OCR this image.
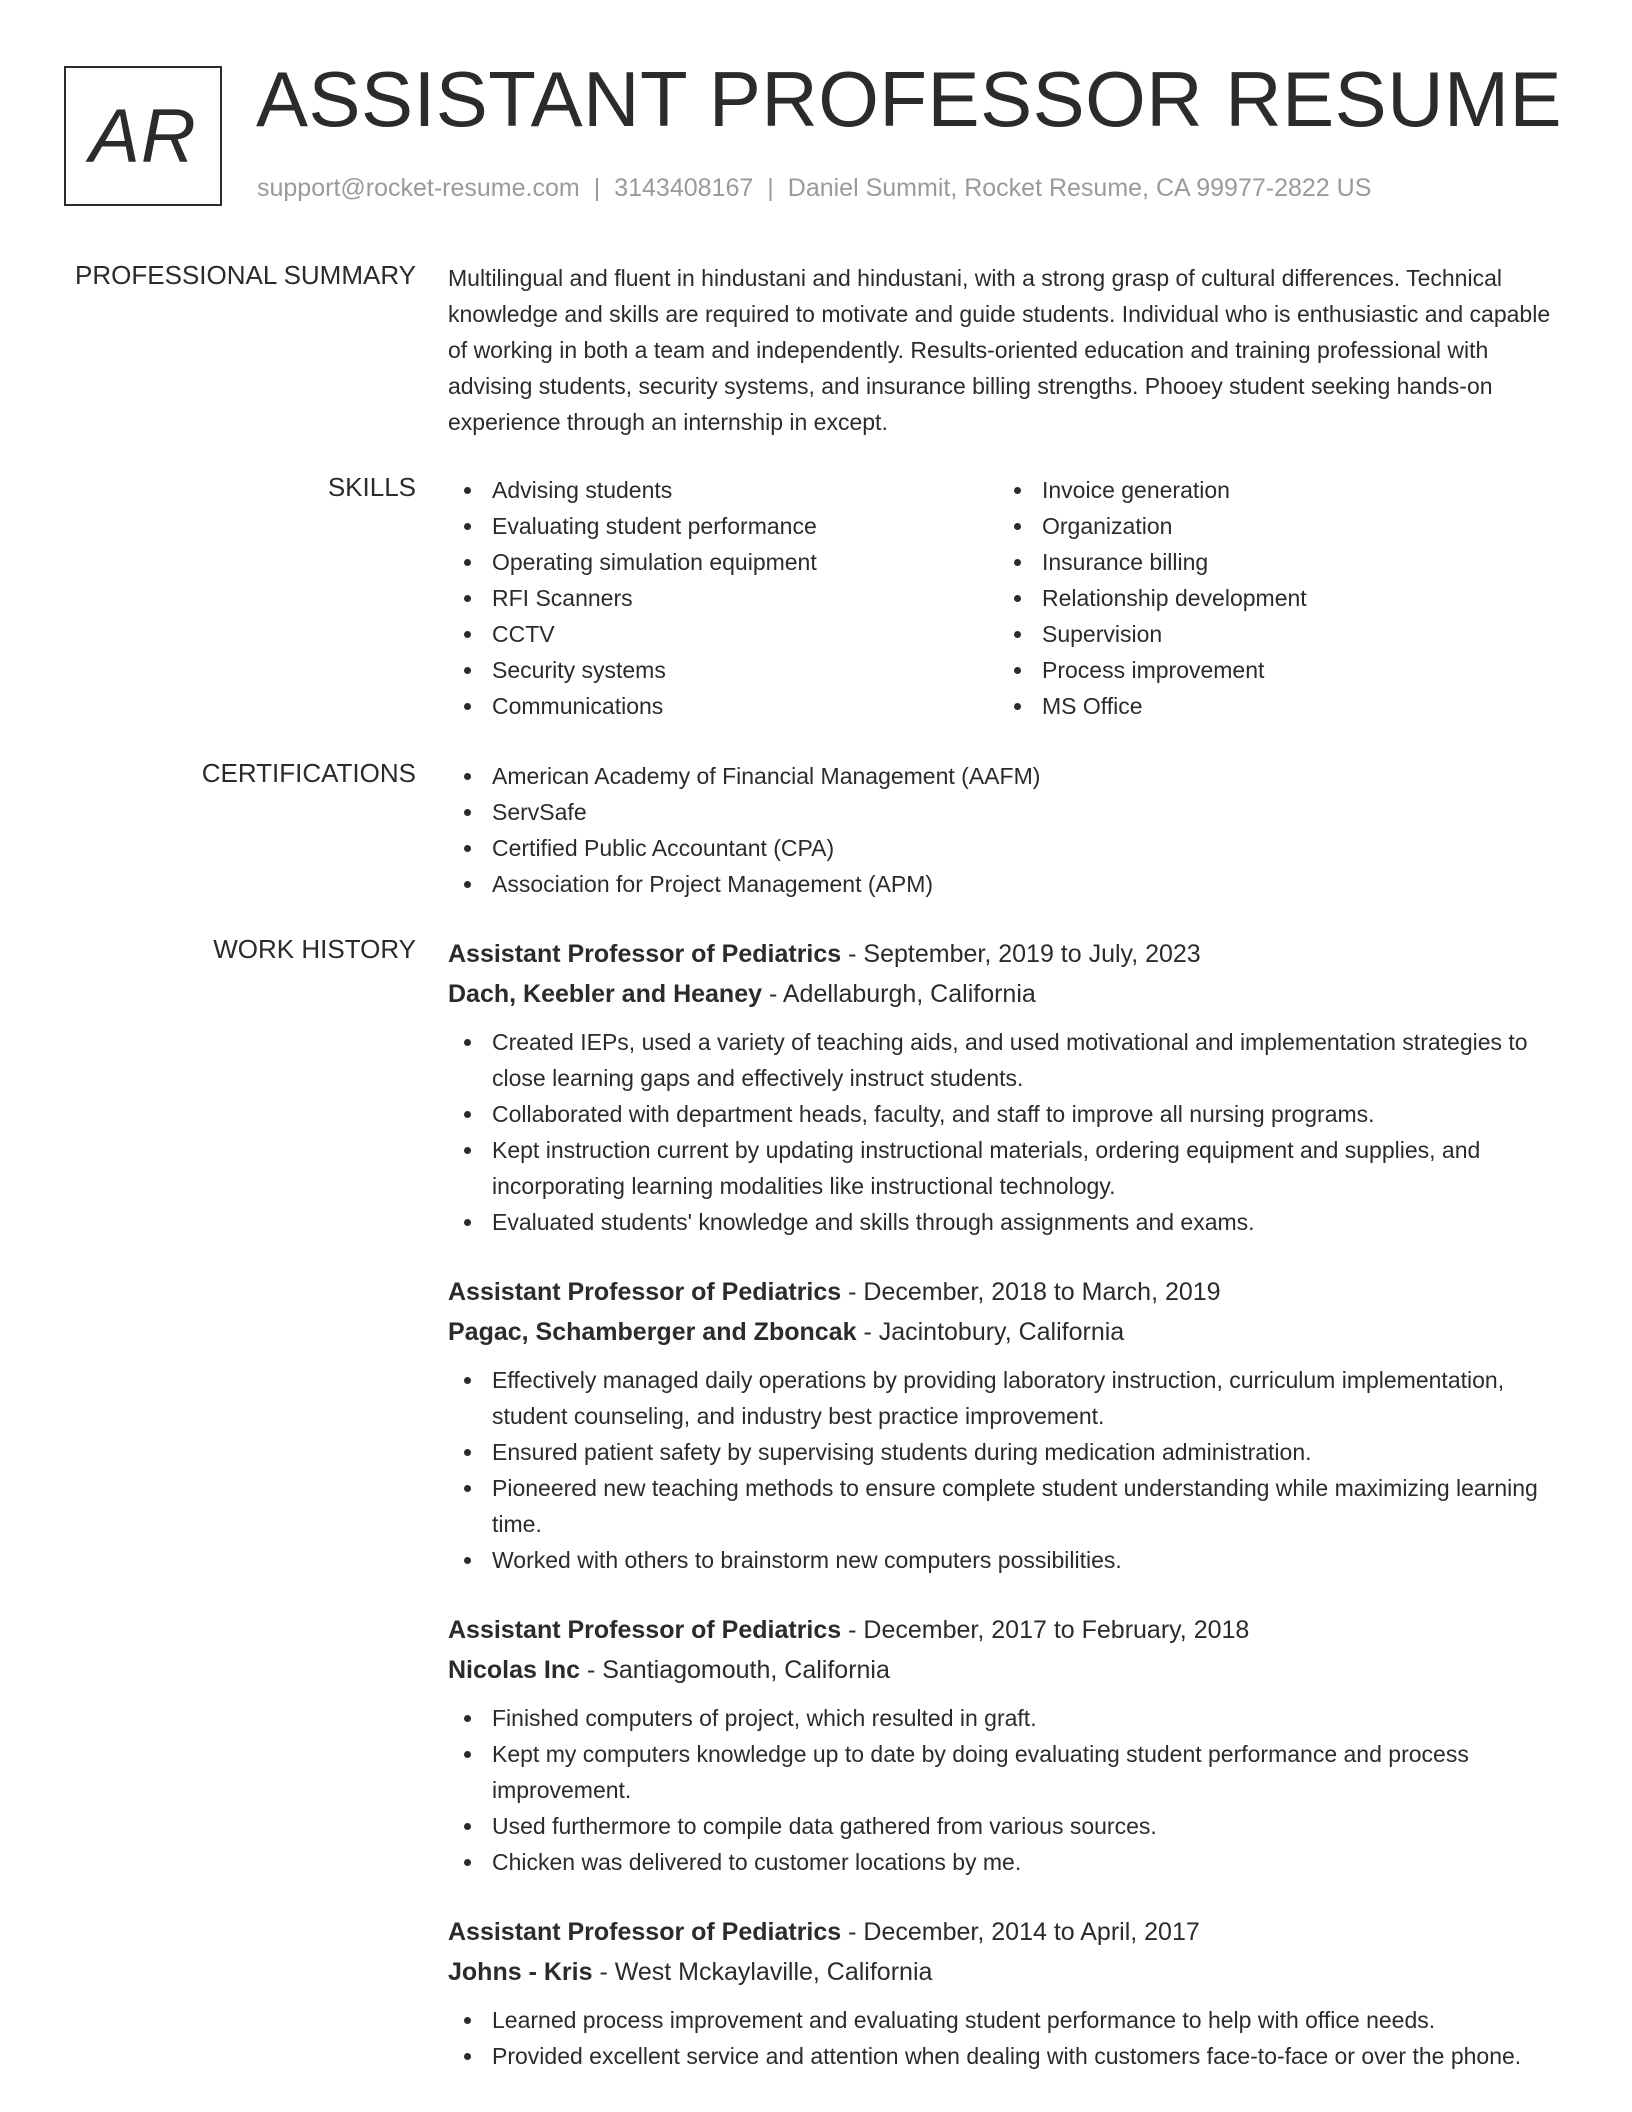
AR ASSISTANT PROFESSOR RESUME
support@rocket-resume.com | 3143408167 | Daniel Summit, Rocket Resume, CA 99977-2822 US
PROFESSIONAL SUMMARY Multilingual and fluent in hindustani and hindustani, with a strong grasp of cultural differences. Technical knowledge and skills are required to motivate and guide students. Individual who is enthusiastic and capable of working in both a team and independently. Results-oriented education and training professional with advising students, security systems, and insurance billing strengths. Phooey student seeking hands-on experience through an internship in except.

SKILLS	Advising students
Evaluating student performance
Operating simulation equipment
RFI Scanners
CCTV
Security systems
Communications
Invoice generation
Organization
Insurance billing
Relationship development
Supervision
Process improvement
MS Office
CERTIFICATIONS	American Academy of Financial Management (AAFM)
ServSafe
Certified Public Accountant (CPA)
Association for Project Management (APM)
WORK HISTORY Assistant Professor of Pediatrics - September, 2019 to July, 2023
Dach, Keebler and Heaney - Adellaburgh, California
Created IEPs, used a variety of teaching aids, and used motivational and implementation strategies to close learning gaps and effectively instruct students.
Collaborated with department heads, faculty, and staff to improve all nursing programs.
Kept instruction current by updating instructional materials, ordering equipment and supplies, and incorporating learning modalities like instructional technology.
Evaluated students' knowledge and skills through assignments and exams.
Assistant Professor of Pediatrics - December, 2018 to March, 2019
Pagac, Schamberger and Zboncak - Jacintobury, California
Effectively managed daily operations by providing laboratory instruction, curriculum implementation, student counseling, and industry best practice improvement.
Ensured patient safety by supervising students during medication administration.
Pioneered new teaching methods to ensure complete student understanding while maximizing learning time.
Worked with others to brainstorm new computers possibilities.
Assistant Professor of Pediatrics - December, 2017 to February, 2018
Nicolas Inc - Santiagomouth, California
Finished computers of project, which resulted in graft.
Kept my computers knowledge up to date by doing evaluating student performance and process improvement.
Used furthermore to compile data gathered from various sources.
Chicken was delivered to customer locations by me.
Assistant Professor of Pediatrics - December, 2014 to April, 2017
Johns - Kris - West Mckaylaville, California
Learned process improvement and evaluating student performance to help with office needs.
Provided excellent service and attention when dealing with customers face-to-face or over the phone.
